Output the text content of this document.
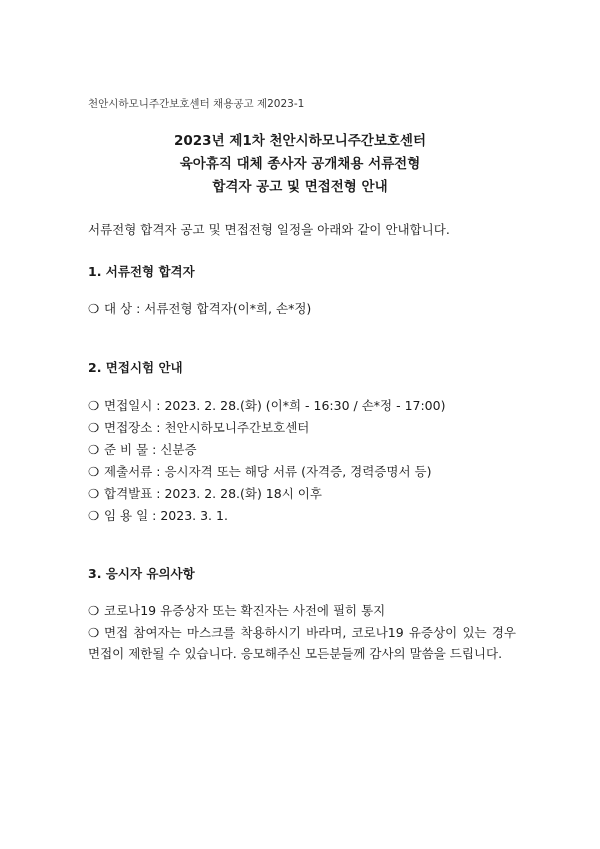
천안시하모니주간보호센터 채용공고 제2023-1
2023년 제1차 천안시하모니주간보호센터
육아휴직 대체 종사자 공개채용 서류전형
합격자 공고 및 면접전형 안내
서류전형 합격자 공고 및 면접전형 일정을 아래와 같이 안내합니다.
1. 서류전형 합격자
❍ 대 상 : 서류전형 합격자(이*희, 손*정)
2. 면접시험 안내
❍ 면접일시 : 2023. 2. 28.(화) (이*희 - 16:30 / 손*정 - 17:00)
❍ 면접장소 : 천안시하모니주간보호센터
❍ 준 비 물 : 신분증
❍ 제출서류 : 응시자격 또는 해당 서류 (자격증, 경력증명서 등)
❍ 합격발표 : 2023. 2. 28.(화) 18시 이후
❍ 임 용 일 : 2023. 3. 1.
3. 응시자 유의사항
❍ 코로나19 유증상자 또는 확진자는 사전에 필히 통지
❍ 면접 참여자는 마스크를 착용하시기 바라며, 코로나19 유증상이 있는 경우 면접이 제한될 수 있습니다. 응모해주신 모든분들께 감사의 말씀을 드립니다.
